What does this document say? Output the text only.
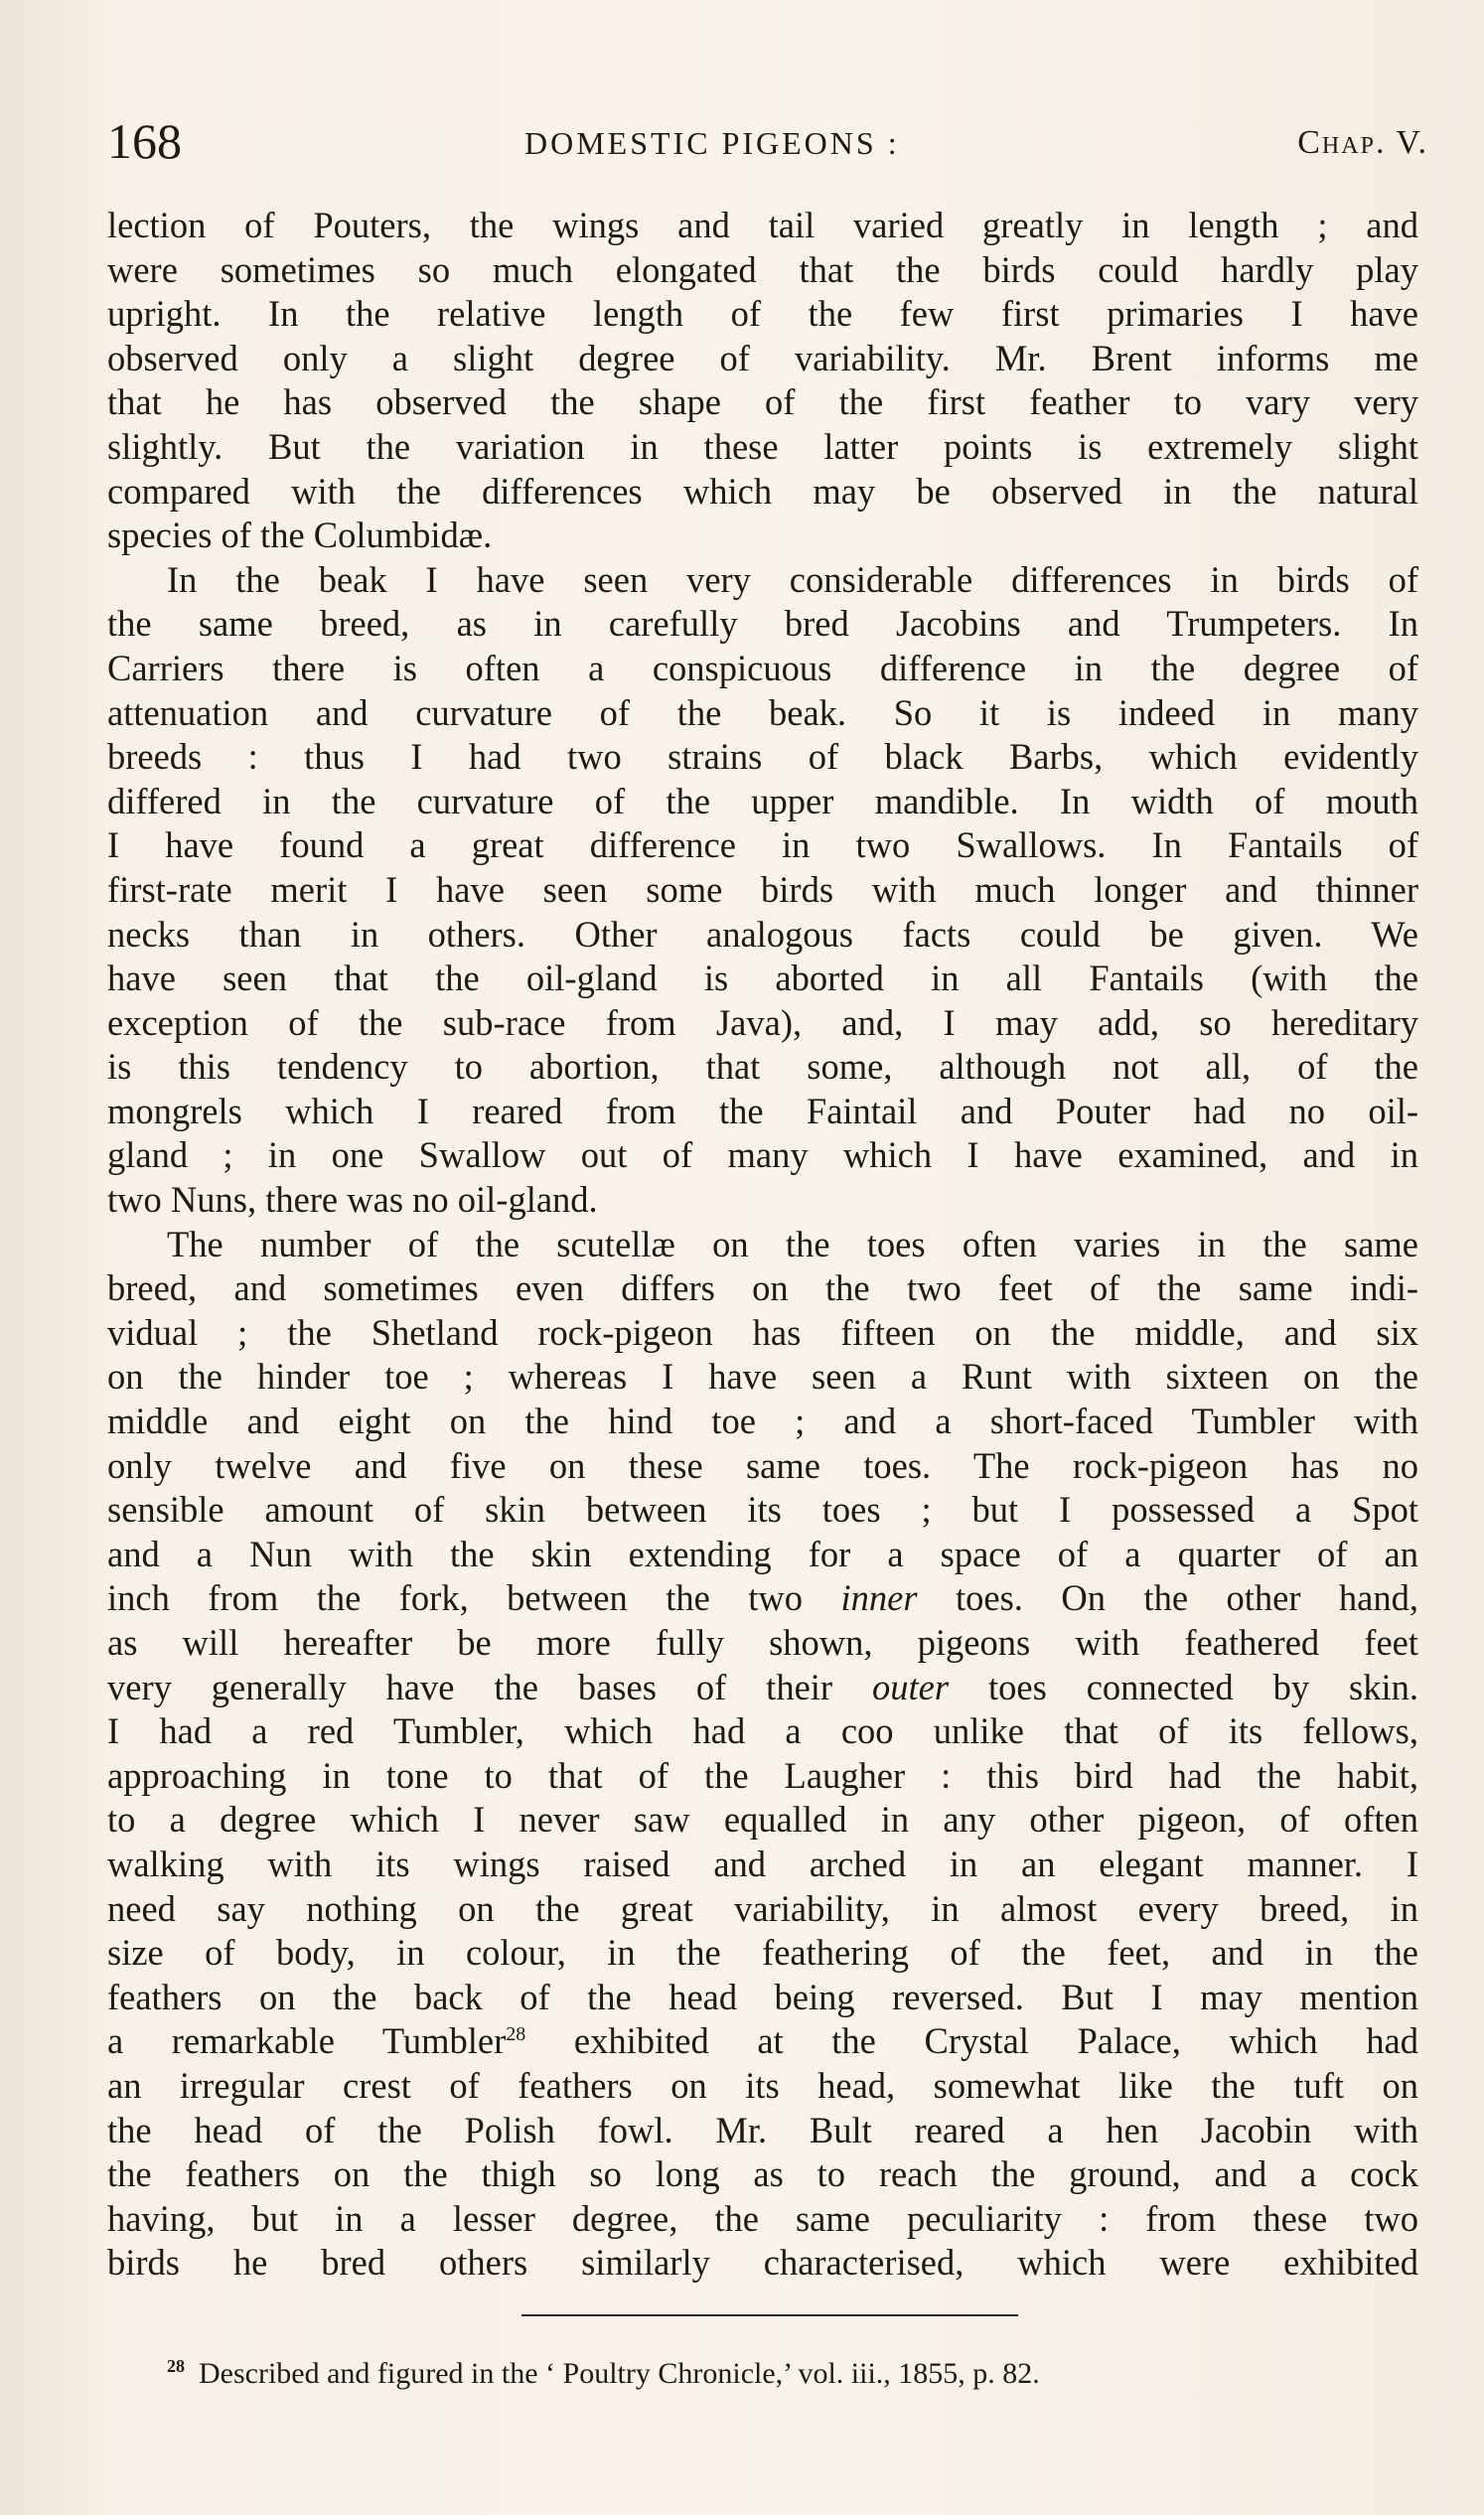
168	DOMESTIC PIGEONS :	Chap. V.
lection of Pouters, the wings and tail varied greatly in length ; and
were sometimes so much elongated that the birds could hardly play
upright. In the relative length of the few first primaries I have
observed only a slight degree of variability. Mr. Brent informs me
that he has observed the shape of the first feather to vary very
slightly. But the variation in these latter points is extremely slight
compared with the differences which may be observed in the natural
species of the Columbidæ.
In the beak I have seen very considerable differences in birds of
the same breed, as in carefully bred Jacobins and Trumpeters. In
Carriers there is often a conspicuous difference in the degree of
attenuation and curvature of the beak. So it is indeed in many
breeds : thus I had two strains of black Barbs, which evidently
differed in the curvature of the upper mandible. In width of mouth
I have found a great difference in two Swallows. In Fantails of
first-rate merit I have seen some birds with much longer and thinner
necks than in others. Other analogous facts could be given. We
have seen that the oil-gland is aborted in all Fantails (with the
exception of the sub-race from Java), and, I may add, so hereditary
is this tendency to abortion, that some, although not all, of the
mongrels which I reared from the Faintail and Pouter had no oil-
gland ; in one Swallow out of many which I have examined, and in
two Nuns, there was no oil-gland.
The number of the scutellæ on the toes often varies in the same
breed, and sometimes even differs on the two feet of the same indi-
vidual ; the Shetland rock-pigeon has fifteen on the middle, and six
on the hinder toe ; whereas I have seen a Runt with sixteen on the
middle and eight on the hind toe ; and a short-faced Tumbler with
only twelve and five on these same toes. The rock-pigeon has no
sensible amount of skin between its toes ; but I possessed a Spot
and a Nun with the skin extending for a space of a quarter of an
inch from the fork, between the two inner toes. On the other hand,
as will hereafter be more fully shown, pigeons with feathered feet
very generally have the bases of their outer toes connected by skin.
I had a red Tumbler, which had a coo unlike that of its fellows,
approaching in tone to that of the Laugher : this bird had the habit,
to a degree which I never saw equalled in any other pigeon, of often
walking with its wings raised and arched in an elegant manner. I
need say nothing on the great variability, in almost every breed, in
size of body, in colour, in the feathering of the feet, and in the
feathers on the back of the head being reversed. But I may mention
a remarkable Tumbler$^{28}$ exhibited at the Crystal Palace, which had
an irregular crest of feathers on its head, somewhat like the tuft on
the head of the Polish fowl. Mr. Bult reared a hen Jacobin with
the feathers on the thigh so long as to reach the ground, and a cock
having, but in a lesser degree, the same peculiarity : from these two
birds he bred others similarly characterised, which were exhibited
$^{28}$ Described and figured in the ‘ Poultry Chronicle,’ vol. iii., 1855, p. 82.
